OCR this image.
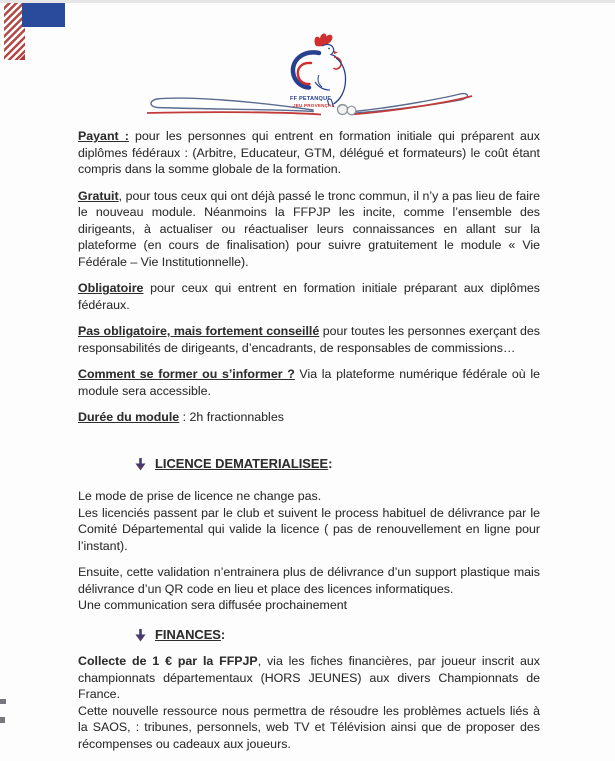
FF PETANQUE
JEU PROVENÇAL

Payant : pour les personnes qui entrent en formation initiale qui préparent aux diplômes fédéraux : (Arbitre, Educateur, GTM, délégué et formateurs) le coût étant compris dans la somme globale de la formation.

Gratuit, pour tous ceux qui ont déjà passé le tronc commun, il n’y a pas lieu de faire le nouveau module. Néanmoins la FFPJP les incite, comme l’ensemble des dirigeants, à actualiser ou réactualiser leurs connaissances en allant sur la plateforme (en cours de finalisation) pour suivre gratuitement le module « Vie Fédérale – Vie Institutionnelle).

Obligatoire pour ceux qui entrent en formation initiale préparant aux diplômes fédéraux.

Pas obligatoire, mais fortement conseillé pour toutes les personnes exerçant des responsabilités de dirigeants, d’encadrants, de responsables de commissions…

Comment se former ou s’informer ? Via la plateforme numérique fédérale où le module sera accessible.

Durée du module : 2h fractionnables

LICENCE DEMATERIALISEE :

Le mode de prise de licence ne change pas.

Les licenciés passent par le club et suivent le process habituel de délivrance par le Comité Départemental qui valide la licence ( pas de renouvellement en ligne pour l’instant).

Ensuite, cette validation n’entrainera plus de délivrance d’un support plastique mais délivrance d’un QR code en lieu et place des licences informatiques.

Une communication sera diffusée prochainement

FINANCES :

Collecte de 1 € par la FFPJP, via les fiches financières, par joueur inscrit aux championnats départementaux (HORS JEUNES) aux divers Championnats de France.

Cette nouvelle ressource nous permettra de résoudre les problèmes actuels liés à la SAOS, : tribunes, personnels, web TV et Télévision ainsi que de proposer des récompenses ou cadeaux aux joueurs.
